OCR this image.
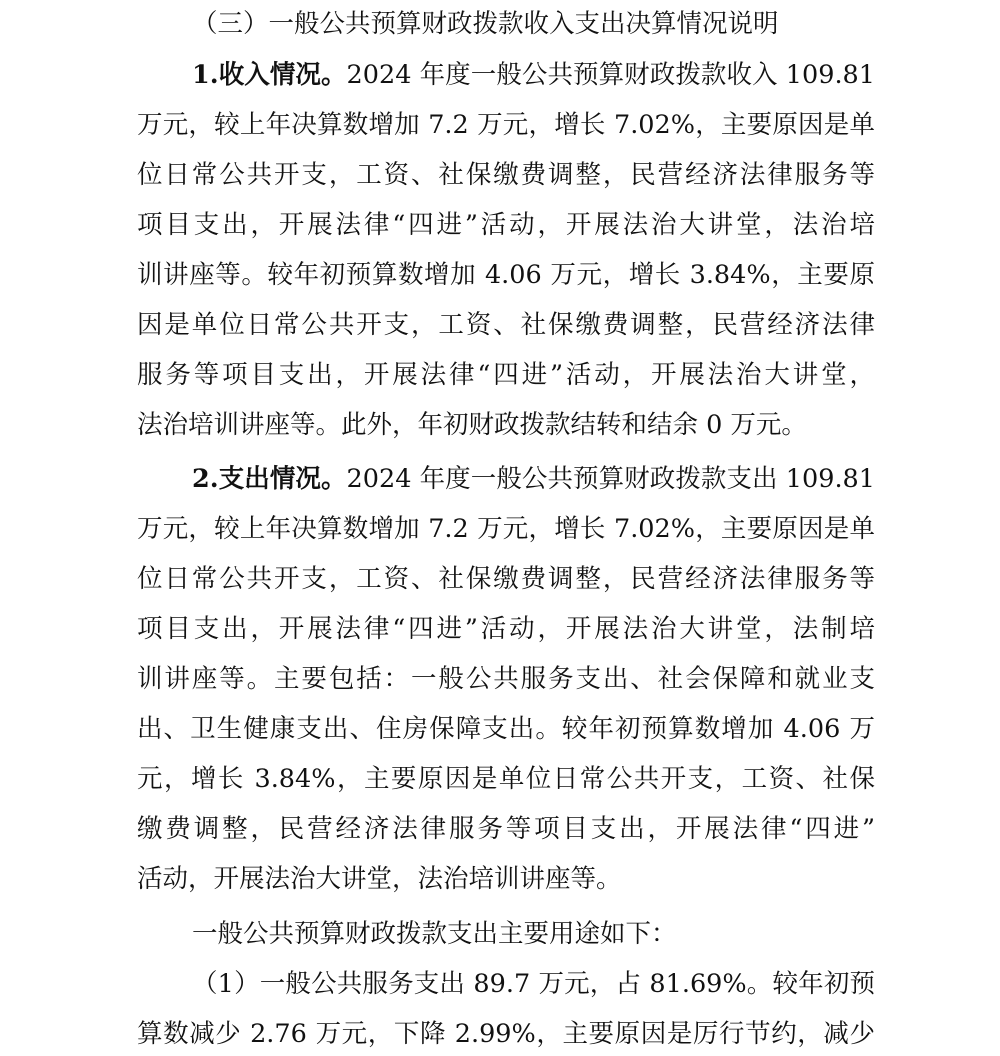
（三）一般公共预算财政拨款收入支出决算情况说明
1.收入情况。2024 年度一般公共预算财政拨款收入 109.81
万元，较上年决算数增加 7.2 万元，增长 7.02%，主要原因是单
位日常公共开支，工资、社保缴费调整，民营经济法律服务等
项目支出，开展法律“四进”活动，开展法治大讲堂，法治培
训讲座等。较年初预算数增加 4.06 万元，增长 3.84%，主要原
因是单位日常公共开支，工资、社保缴费调整，民营经济法律
服务等项目支出，开展法律“四进”活动，开展法治大讲堂，
法治培训讲座等。此外，年初财政拨款结转和结余 0 万元。
2.支出情况。2024 年度一般公共预算财政拨款支出 109.81
万元，较上年决算数增加 7.2 万元，增长 7.02%，主要原因是单
位日常公共开支，工资、社保缴费调整，民营经济法律服务等
项目支出，开展法律“四进”活动，开展法治大讲堂，法制培
训讲座等。主要包括：一般公共服务支出、社会保障和就业支
出、卫生健康支出、住房保障支出。较年初预算数增加 4.06 万
元，增长 3.84%，主要原因是单位日常公共开支，工资、社保
缴费调整，民营经济法律服务等项目支出，开展法律“四进”
活动，开展法治大讲堂，法治培训讲座等。
一般公共预算财政拨款支出主要用途如下：
（1）一般公共服务支出 89.7 万元，占 81.69%。较年初预
算数减少 2.76 万元，下降 2.99%，主要原因是厉行节约，减少
